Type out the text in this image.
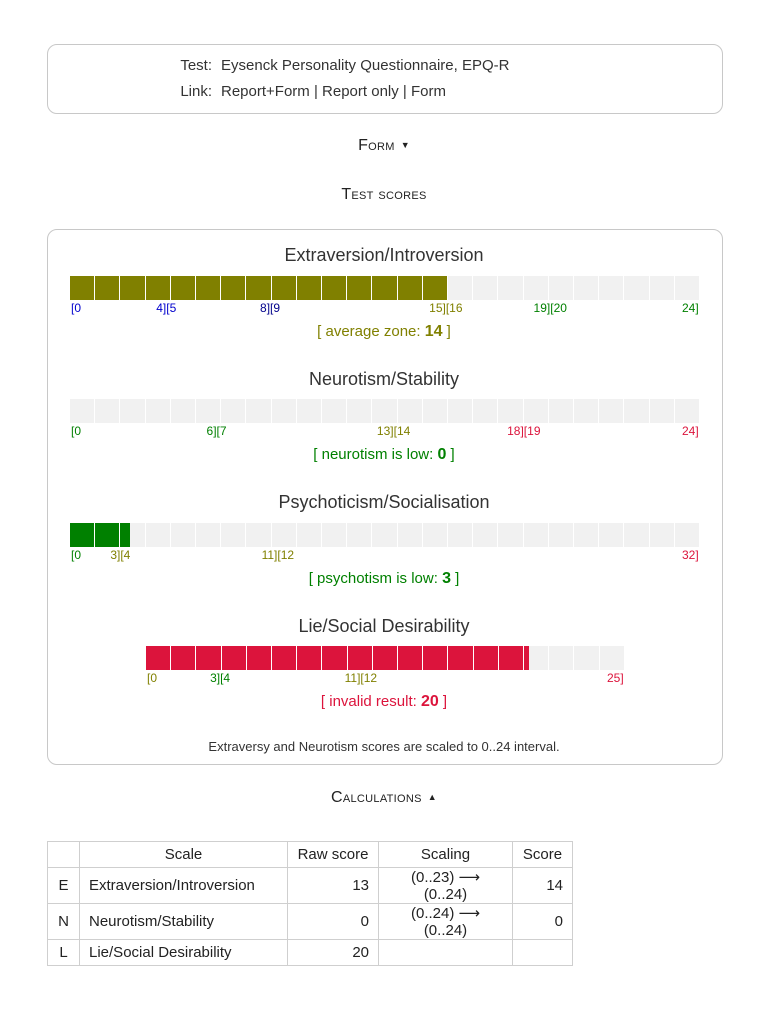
Test: Eysenck Personality Questionnaire, EPQ-R
Link: Report+Form | Report only | Form
Form ▼
Test scores
Extraversion/Introversion
[0	4][5	8][9	15][16	19][20	24]
[ average zone: 14 ]
Neurotism/Stability
[0	6][7	13][14	18][19	24]
[ neurotism is low: 0 ]
Psychoticism/Socialisation
[0 3][4	11][12	32]
[ psychotism is low: 3 ]
Lie/Social Desirability
[0	3][4	11][12	25]
[ invalid result: 20 ]
Extraversy and Neurotism scores are scaled to 0..24 interval.
Calculations ▲
	Scale	Raw score	Scaling	Score
E	Extraversion/Introversion	13	(0..23) ⟶ (0..24)	14
N	Neurotism/Stability	0	(0..24) ⟶ (0..24)	0
L	Lie/Social Desirability	20		
